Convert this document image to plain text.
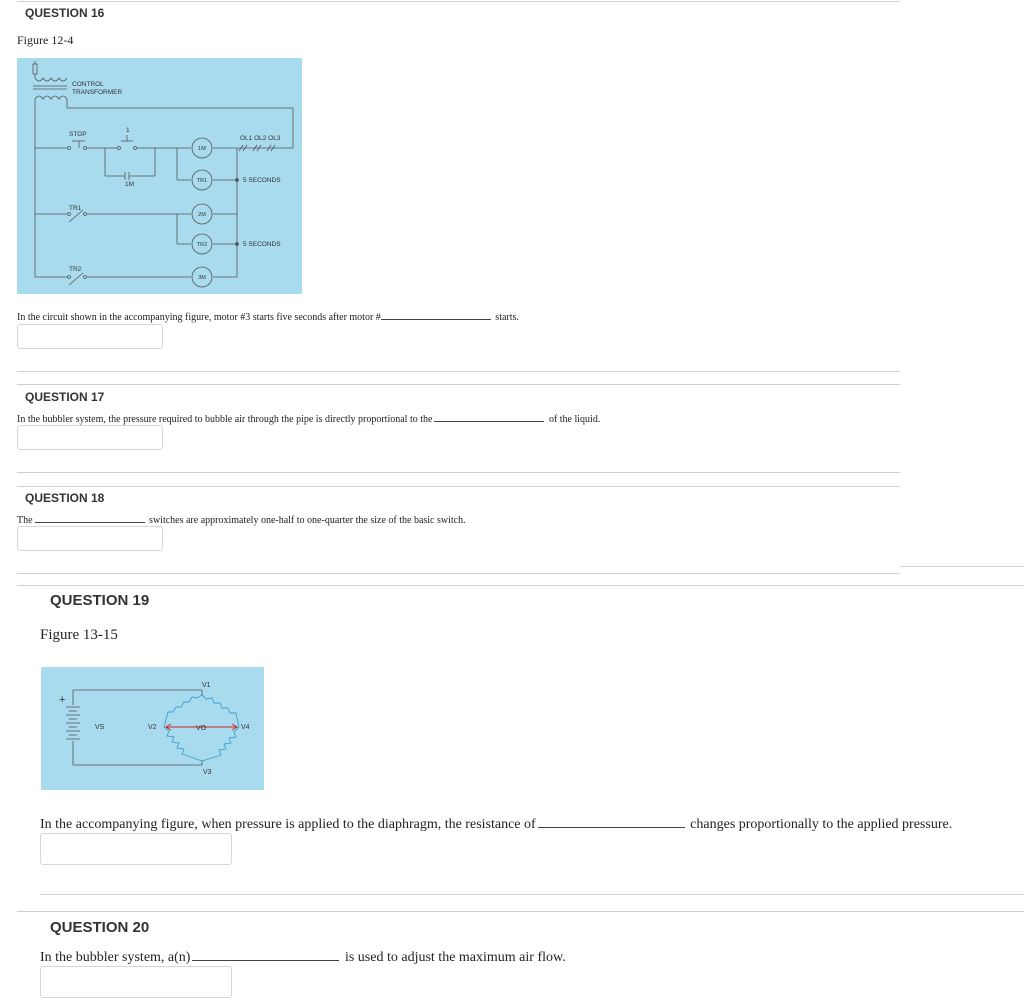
QUESTION 16
Figure 12-4
CONTROL
TRANSFORMER
STOP
1
1M
OL1 OL2 OL3
TR1
TR2
5 SECONDS
5 SECONDS
1M
TR1
2M
TR2
3M
In the circuit shown in the accompanying figure, motor #3 starts five seconds after motor #	starts.
QUESTION 17
In the bubbler system, the pressure required to bubble air through the pipe is directly proportional to the	of the liquid.
QUESTION 18
The	switches are approximately one-half to one-quarter the size of the basic switch.
QUESTION 19
Figure 13-15
+
VS
V1
V2	VO
V3
V4
In the accompanying figure, when pressure is applied to the diaphragm, the resistance of	changes proportionally to the applied pressure.
QUESTION 20
In the bubbler system, a(n)	is used to adjust the maximum air flow.
